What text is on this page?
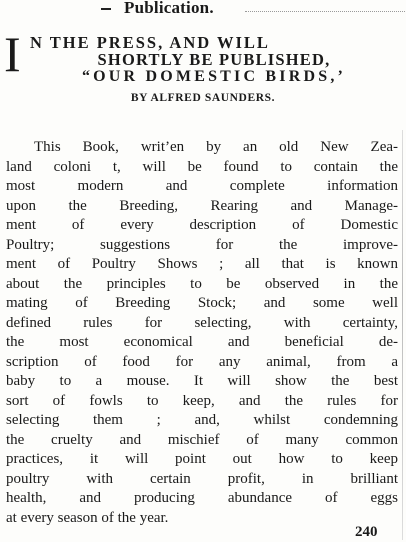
Publication.
I N THE PRESS, AND WILL
SHORTLY BE PUBLISHED,
“OUR DOMESTIC BIRDS,’
BY ALFRED SAUNDERS.
This Book, writ’en by an old New Zea-
land coloni t, will be found to contain the
most modern and complete information
upon the Breeding, Rearing and Manage-
ment of every description of Domestic
Poultry; suggestions for the improve-
ment of Poultry Shows ; all that is known
about the principles to be observed in the
mating of Breeding Stock; and some well
defined rules for selecting, with certainty,
the most economical and beneficial de-
scription of food for any animal, from a
baby to a mouse. It will show the best
sort of fowls to keep, and the rules for
selecting them ; and, whilst condemning
the cruelty and mischief of many common
practices, it will point out how to keep
poultry with certain profit, in brilliant
health, and producing abundance of eggs
at every season of the year.
240
